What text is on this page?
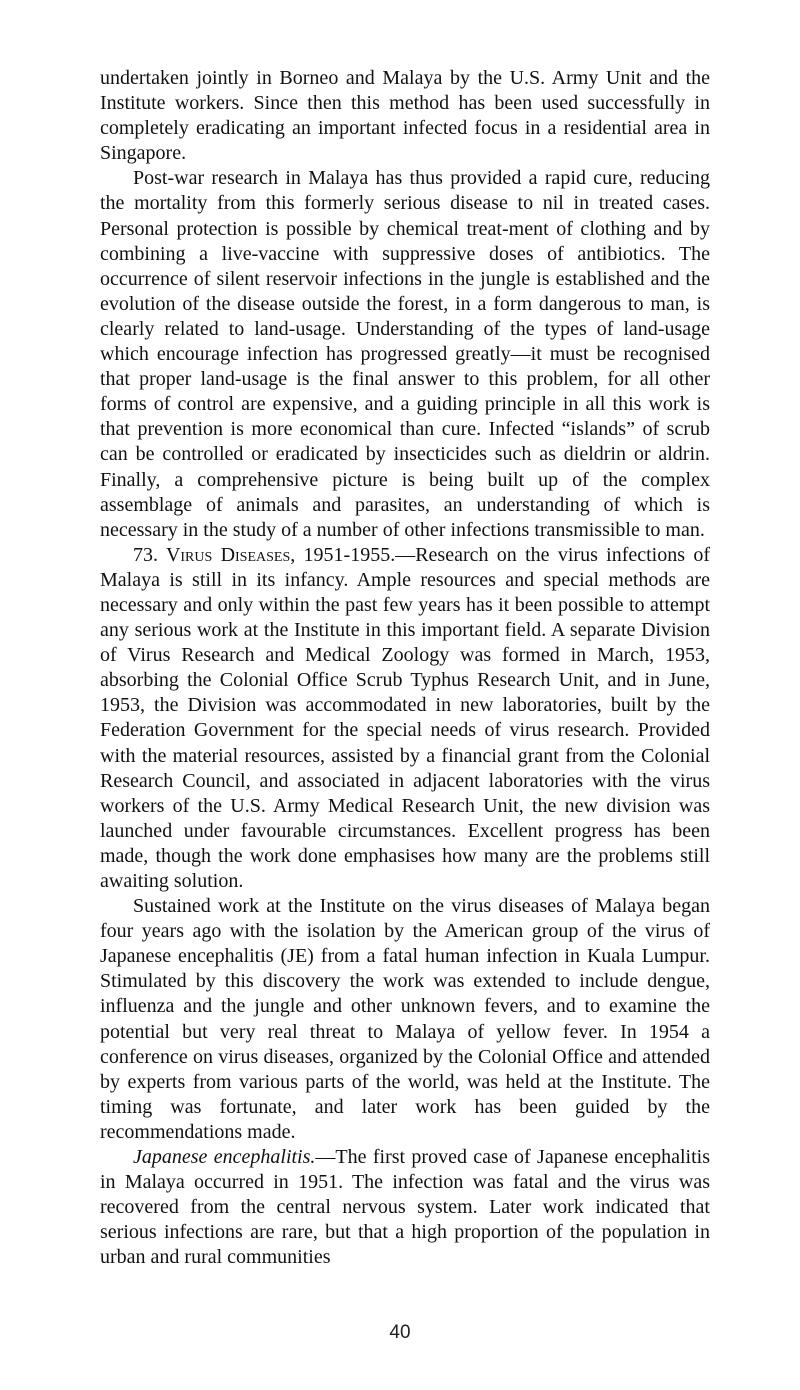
undertaken jointly in Borneo and Malaya by the U.S. Army Unit and the Institute workers. Since then this method has been used successfully in completely eradicating an important infected focus in a residential area in Singapore.

Post-war research in Malaya has thus provided a rapid cure, reducing the mortality from this formerly serious disease to nil in treated cases. Personal protection is possible by chemical treat-ment of clothing and by combining a live-vaccine with suppressive doses of antibiotics. The occurrence of silent reservoir infections in the jungle is established and the evolution of the disease outside the forest, in a form dangerous to man, is clearly related to land-usage. Understanding of the types of land-usage which encourage infection has progressed greatly—it must be recognised that proper land-usage is the final answer to this problem, for all other forms of control are expensive, and a guiding principle in all this work is that prevention is more economical than cure. Infected “islands” of scrub can be controlled or eradicated by insecticides such as dieldrin or aldrin. Finally, a comprehensive picture is being built up of the complex assemblage of animals and parasites, an understanding of which is necessary in the study of a number of other infections transmissible to man.

73. Virus Diseases, 1951-1955.—Research on the virus infections of Malaya is still in its infancy. Ample resources and special methods are necessary and only within the past few years has it been possible to attempt any serious work at the Institute in this important field. A separate Division of Virus Research and Medical Zoology was formed in March, 1953, absorbing the Colonial Office Scrub Typhus Research Unit, and in June, 1953, the Division was accommodated in new laboratories, built by the Federation Government for the special needs of virus research. Provided with the material resources, assisted by a financial grant from the Colonial Research Council, and associated in adjacent laboratories with the virus workers of the U.S. Army Medical Research Unit, the new division was launched under favourable circumstances. Excellent progress has been made, though the work done emphasises how many are the problems still awaiting solution.

Sustained work at the Institute on the virus diseases of Malaya began four years ago with the isolation by the American group of the virus of Japanese encephalitis (JE) from a fatal human infection in Kuala Lumpur. Stimulated by this discovery the work was extended to include dengue, influenza and the jungle and other unknown fevers, and to examine the potential but very real threat to Malaya of yellow fever. In 1954 a conference on virus diseases, organized by the Colonial Office and attended by experts from various parts of the world, was held at the Institute. The timing was fortunate, and later work has been guided by the recommendations made.

Japanese encephalitis.—The first proved case of Japanese encephalitis in Malaya occurred in 1951. The infection was fatal and the virus was recovered from the central nervous system. Later work indicated that serious infections are rare, but that a high proportion of the population in urban and rural communities

40
